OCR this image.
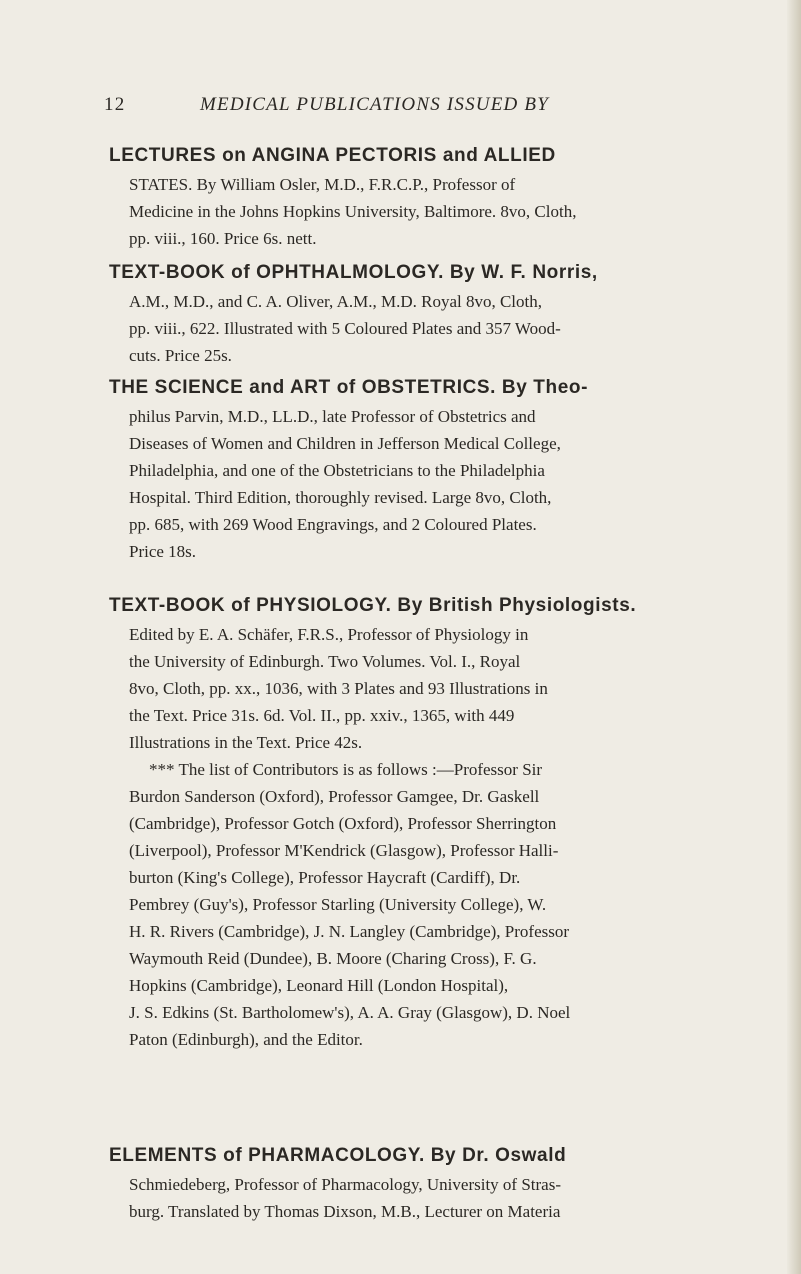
12	MEDICAL PUBLICATIONS ISSUED BY
LECTURES on ANGINA PECTORIS and ALLIED
STATES. By William Osler, M.D., F.R.C.P., Professor of
Medicine in the Johns Hopkins University, Baltimore. 8vo, Cloth,
pp. viii., 160. Price 6s. nett.
TEXT-BOOK of OPHTHALMOLOGY. By W. F. Norris,
A.M., M.D., and C. A. Oliver, A.M., M.D. Royal 8vo, Cloth,
pp. viii., 622. Illustrated with 5 Coloured Plates and 357 Wood-
cuts. Price 25s.
THE SCIENCE and ART of OBSTETRICS. By Theo-
philus Parvin, M.D., LL.D., late Professor of Obstetrics and
Diseases of Women and Children in Jefferson Medical College,
Philadelphia, and one of the Obstetricians to the Philadelphia
Hospital. Third Edition, thoroughly revised. Large 8vo, Cloth,
pp. 685, with 269 Wood Engravings, and 2 Coloured Plates.
Price 18s.
TEXT-BOOK of PHYSIOLOGY. By British Physiologists.
Edited by E. A. Schäfer, F.R.S., Professor of Physiology in
the University of Edinburgh. Two Volumes. Vol. I., Royal
8vo, Cloth, pp. xx., 1036, with 3 Plates and 93 Illustrations in
the Text. Price 31s. 6d. Vol. II., pp. xxiv., 1365, with 449
Illustrations in the Text. Price 42s.
*** The list of Contributors is as follows :—Professor Sir
Burdon Sanderson (Oxford), Professor Gamgee, Dr. Gaskell
(Cambridge), Professor Gotch (Oxford), Professor Sherrington
(Liverpool), Professor M'Kendrick (Glasgow), Professor Halli-
burton (King's College), Professor Haycraft (Cardiff), Dr.
Pembrey (Guy's), Professor Starling (University College), W.
H. R. Rivers (Cambridge), J. N. Langley (Cambridge), Professor
Waymouth Reid (Dundee), B. Moore (Charing Cross), F. G.
Hopkins (Cambridge), Leonard Hill (London Hospital),
J. S. Edkins (St. Bartholomew's), A. A. Gray (Glasgow), D. Noel
Paton (Edinburgh), and the Editor.
ELEMENTS of PHARMACOLOGY. By Dr. Oswald
Schmiedeberg, Professor of Pharmacology, University of Stras-
burg. Translated by Thomas Dixson, M.B., Lecturer on Materia
